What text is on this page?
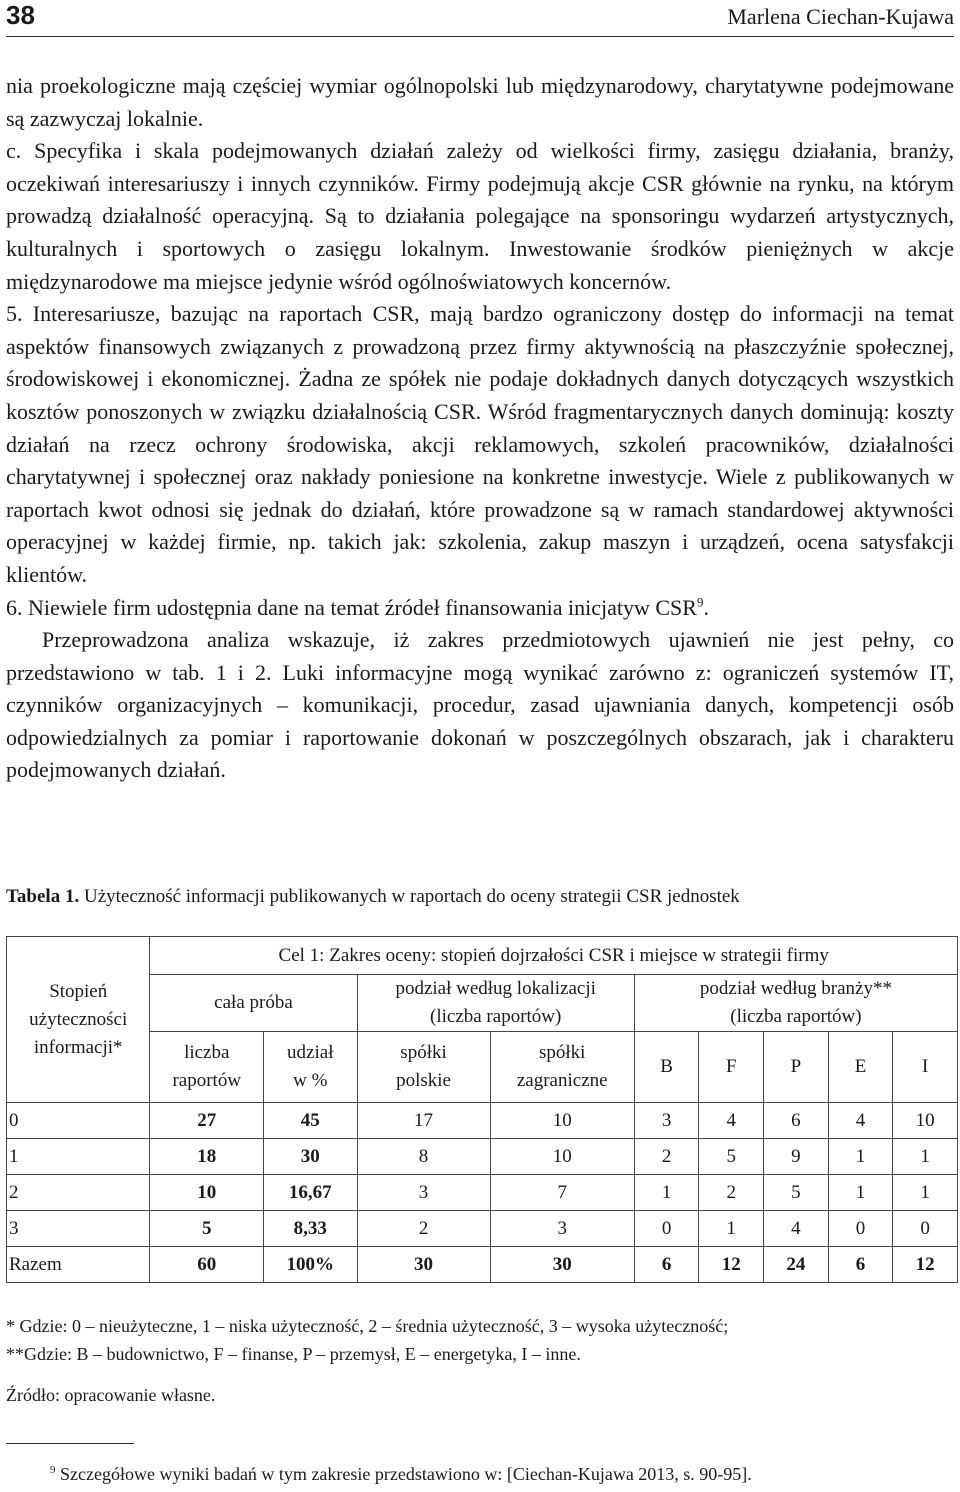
38	Marlena Ciechan-Kujawa

nia proekologiczne mają częściej wymiar ogólnopolski lub międzynarodowy, charytatywne podejmowane są zazwyczaj lokalnie.

c. Specyfika i skala podejmowanych działań zależy od wielkości firmy, zasięgu działania, branży, oczekiwań interesariuszy i innych czynników. Firmy podejmują akcje CSR głównie na rynku, na którym prowadzą działalność operacyjną. Są to działania polegające na sponsoringu wydarzeń artystycznych, kulturalnych i sportowych o zasięgu lokalnym. Inwestowanie środków pieniężnych w akcje międzynarodowe ma miejsce jedynie wśród ogólnoświatowych koncernów.

5. Interesariusze, bazując na raportach CSR, mają bardzo ograniczony dostęp do informacji na temat aspektów finansowych związanych z prowadzoną przez firmy aktywnością na płaszczyźnie społecznej, środowiskowej i ekonomicznej. Żadna ze spółek nie podaje dokładnych danych dotyczących wszystkich kosztów ponoszonych w związku działalnością CSR. Wśród fragmentarycznych danych dominują: koszty działań na rzecz ochrony środowiska, akcji reklamowych, szkoleń pracowników, działalności charytatywnej i społecznej oraz nakłady poniesione na konkretne inwestycje. Wiele z publikowanych w raportach kwot odnosi się jednak do działań, które prowadzone są w ramach standardowej aktywności operacyjnej w każdej firmie, np. takich jak: szkolenia, zakup maszyn i urządzeń, ocena satysfakcji klientów.

6. Niewiele firm udostępnia dane na temat źródeł finansowania inicjatyw CSR$^9$.

Przeprowadzona analiza wskazuje, iż zakres przedmiotowych ujawnień nie jest pełny, co przedstawiono w tab. 1 i 2. Luki informacyjne mogą wynikać zarówno z: ograniczeń systemów IT, czynników organizacyjnych – komunikacji, procedur, zasad ujawniania danych, kompetencji osób odpowiedzialnych za pomiar i raportowanie dokonań w poszczególnych obszarach, jak i charakteru podejmowanych działań.

Tabela 1. Użyteczność informacji publikowanych w raportach do oceny strategii CSR jednostek
Stopień użyteczności informacji*	Cel 1: Zakres oceny: stopień dojrzałości CSR i miejsce w strategii firmy								
	cała próba		podział według lokalizacji (liczba raportów)		podział według branży** (liczba raportów)				

	liczba raportów	udział w %	spółki polskie	spółki zagraniczne	B	F	P	E	I
0	27	45	17	10	3	4	6	4	10
1	18	30	8	10	2	5	9	1	1
2	10	16,67	3	7	1	2	5	1	1
3	5	8,33	2	3	0	1	4	0	0
Razem	60	100%	30	30	6	12	24	6	12
* Gdzie: 0 – nieużyteczne, 1 – niska użyteczność, 2 – średnia użyteczność, 3 – wysoka użyteczność;
**Gdzie: B – budownictwo, F – finanse, P – przemysł, E – energetyka, I – inne.
Źródło: opracowanie własne.
$^9$ Szczegółowe wyniki badań w tym zakresie przedstawiono w: [Ciechan-Kujawa 2013, s. 90-95].
